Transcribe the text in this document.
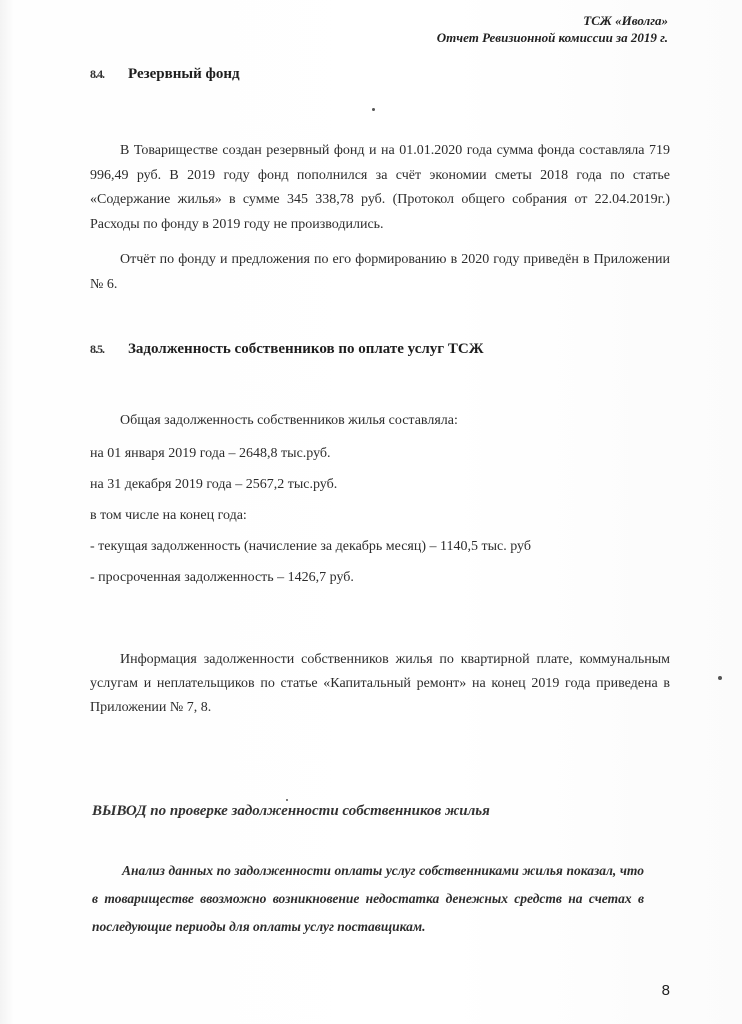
ТСЖ «Иволга»
Отчет Ревизионной комиссии за 2019 г.
8.4. Резервный фонд
В Товариществе создан резервный фонд и на 01.01.2020 года сумма фонда составляла 719 996,49 руб. В 2019 году фонд пополнился за счёт экономии сметы 2018 года по статье «Содержание жилья» в сумме 345 338,78 руб. (Протокол общего собрания от 22.04.2019г.) Расходы по фонду в 2019 году не производились.
Отчёт по фонду и предложения по его формированию в 2020 году приведён в Приложении № 6.
8.5. Задолженность собственников по оплате услуг ТСЖ
Общая задолженность собственников жилья составляла:
на 01 января 2019 года – 2648,8 тыс.руб.
на 31 декабря 2019 года – 2567,2 тыс.руб.
в том числе на конец года:
- текущая задолженность (начисление за декабрь месяц) – 1140,5 тыс. руб
- просроченная задолженность – 1426,7 руб.
Информация задолженности собственников жилья по квартирной плате, коммунальным услугам и неплательщиков по статье «Капитальный ремонт» на конец 2019 года приведена в Приложении № 7, 8.
ВЫВОД по проверке задолженности собственников жилья
Анализ данных по задолженности оплаты услуг собственниками жилья показал, что в товариществе ввозможно возникновение недостатка денежных средств на счетах в последующие периоды для оплаты услуг поставщикам.
8
